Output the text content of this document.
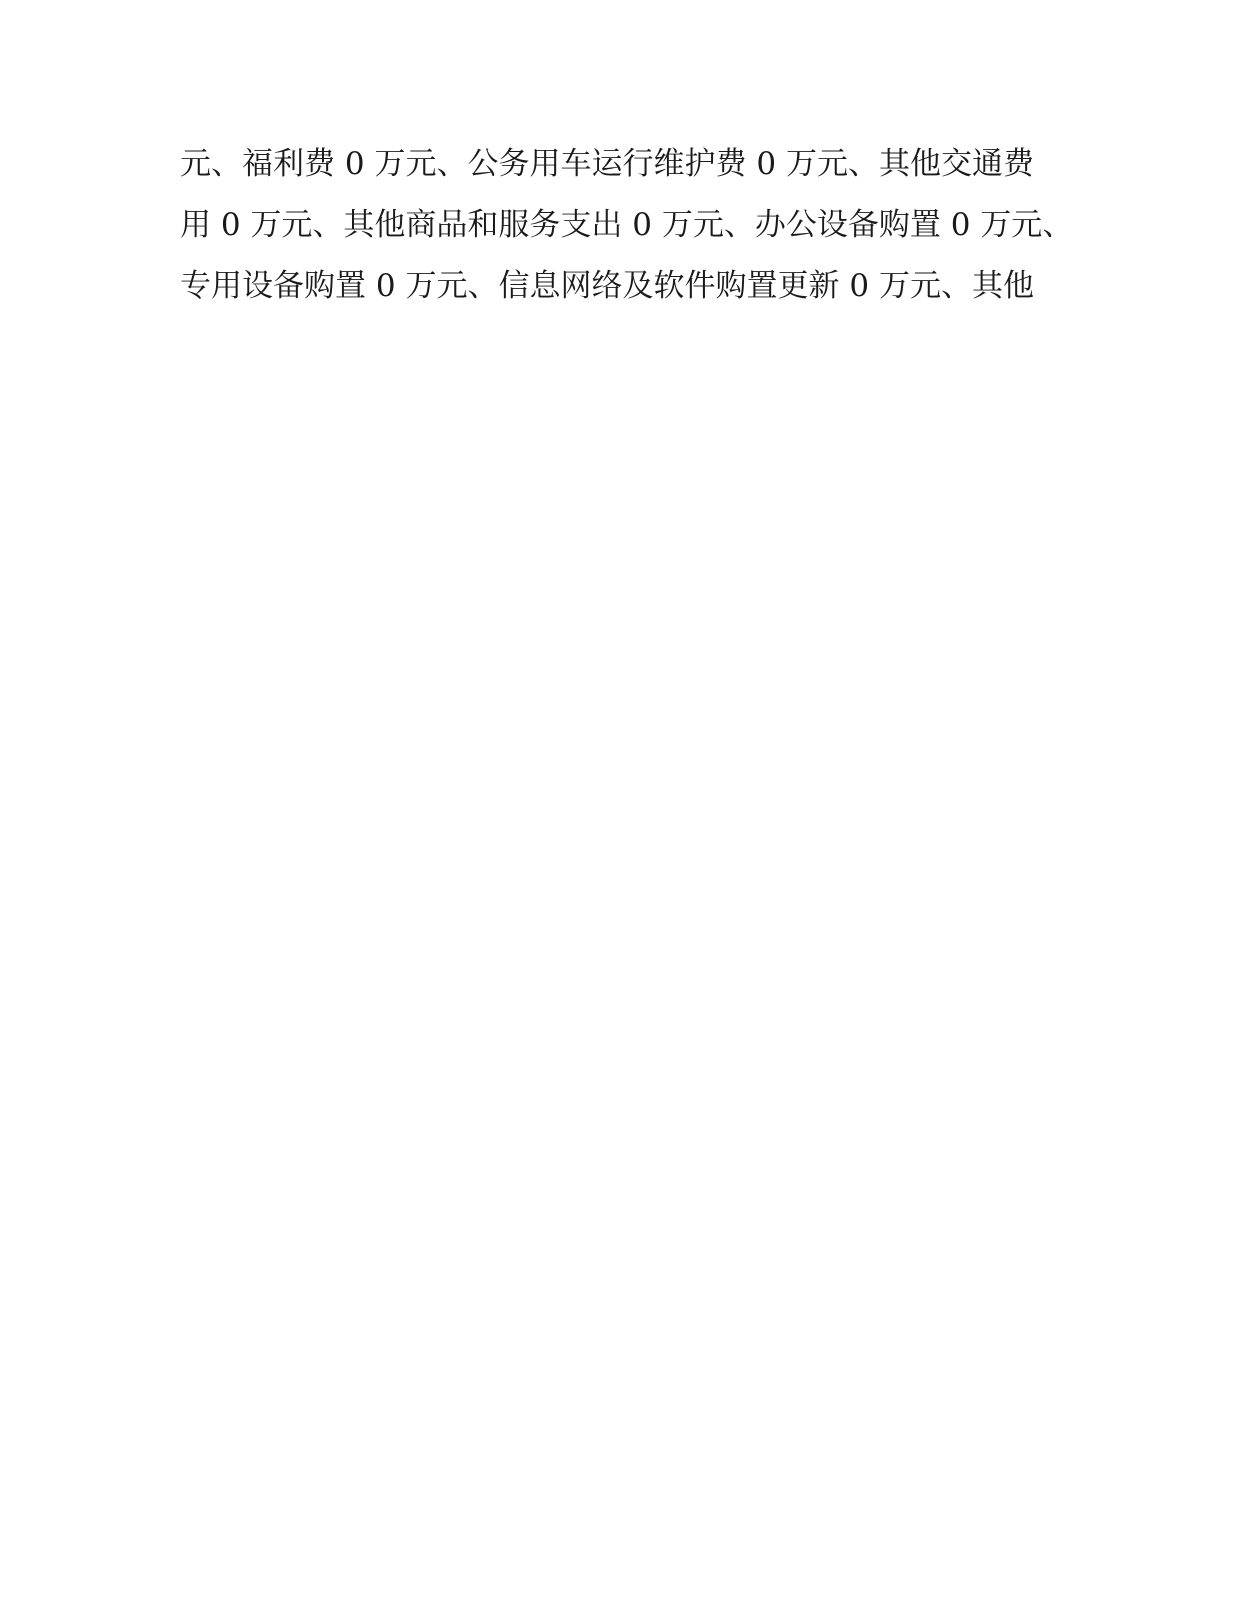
元、福利费 0 万元、公务用车运行维护费 0 万元、其他交通费
用 0 万元、其他商品和服务支出 0 万元、办公设备购置 0 万元、
专用设备购置 0 万元、信息网络及软件购置更新 0 万元、其他
